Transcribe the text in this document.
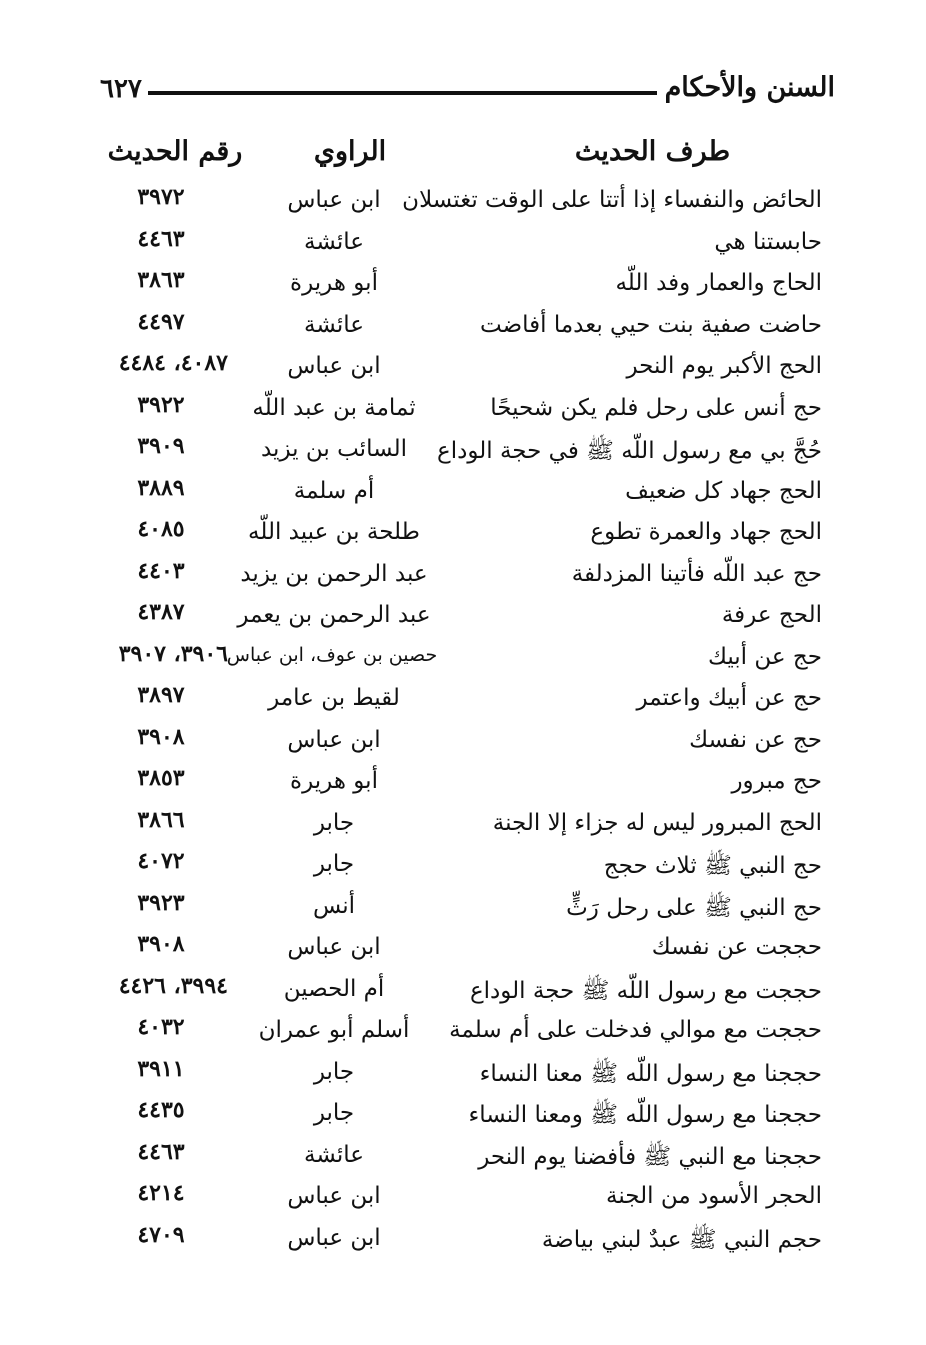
السنن والأحكام
٦٢٧
طرف الحديث
الراوي
رقم الحديث
الحائض والنفساء إذا أتتا على الوقت تغتسلان
ابن عباس
٣٩٧٢
حابستنا هي
عائشة
٤٤٦٣
الحاج والعمار وفد اللّه
أبو هريرة
٣٨٦٣
حاضت صفية بنت حيي بعدما أفاضت
عائشة
٤٤٩٧
الحج الأكبر يوم النحر
ابن عباس
٤٠٨٧، ٤٤٨٤
حج أنس على رحل فلم يكن شحيحًا
ثمامة بن عبد اللّه
٣٩٢٢
حُجَّ بي مع رسول اللّه ﷺ في حجة الوداع
السائب بن يزيد
٣٩٠٩
الحج جهاد كل ضعيف
أم سلمة
٣٨٨٩
الحج جهاد والعمرة تطوع
طلحة بن عبيد اللّه
٤٠٨٥
حج عبد اللّه فأتينا المزدلفة
عبد الرحمن بن يزيد
٤٤٠٣
الحج عرفة
عبد الرحمن بن يعمر
٤٣٨٧
حج عن أبيك
حصين بن عوف، ابن عباس
٣٩٠٦، ٣٩٠٧
حج عن أبيك واعتمر
لقيط بن عامر
٣٨٩٧
حج عن نفسك
ابن عباس
٣٩٠٨
حج مبرور
أبو هريرة
٣٨٥٣
الحج المبرور ليس له جزاء إلا الجنة
جابر
٣٨٦٦
حج النبي ﷺ ثلاث حجج
جابر
٤٠٧٢
حج النبي ﷺ على رحل رَثٍّ
أنس
٣٩٢٣
حججت عن نفسك
ابن عباس
٣٩٠٨
حججت مع رسول اللّه ﷺ حجة الوداع
أم الحصين
٣٩٩٤، ٤٤٢٦
حججت مع موالي فدخلت على أم سلمة
أسلم أبو عمران
٤٠٣٢
حججنا مع رسول اللّه ﷺ معنا النساء
جابر
٣٩١١
حججنا مع رسول اللّه ﷺ ومعنا النساء
جابر
٤٤٣٥
حججنا مع النبي ﷺ فأفضنا يوم النحر
عائشة
٤٤٦٣
الحجر الأسود من الجنة
ابن عباس
٤٢١٤
حجم النبي ﷺ عبدٌ لبني بياضة
ابن عباس
٤٧٠٩
